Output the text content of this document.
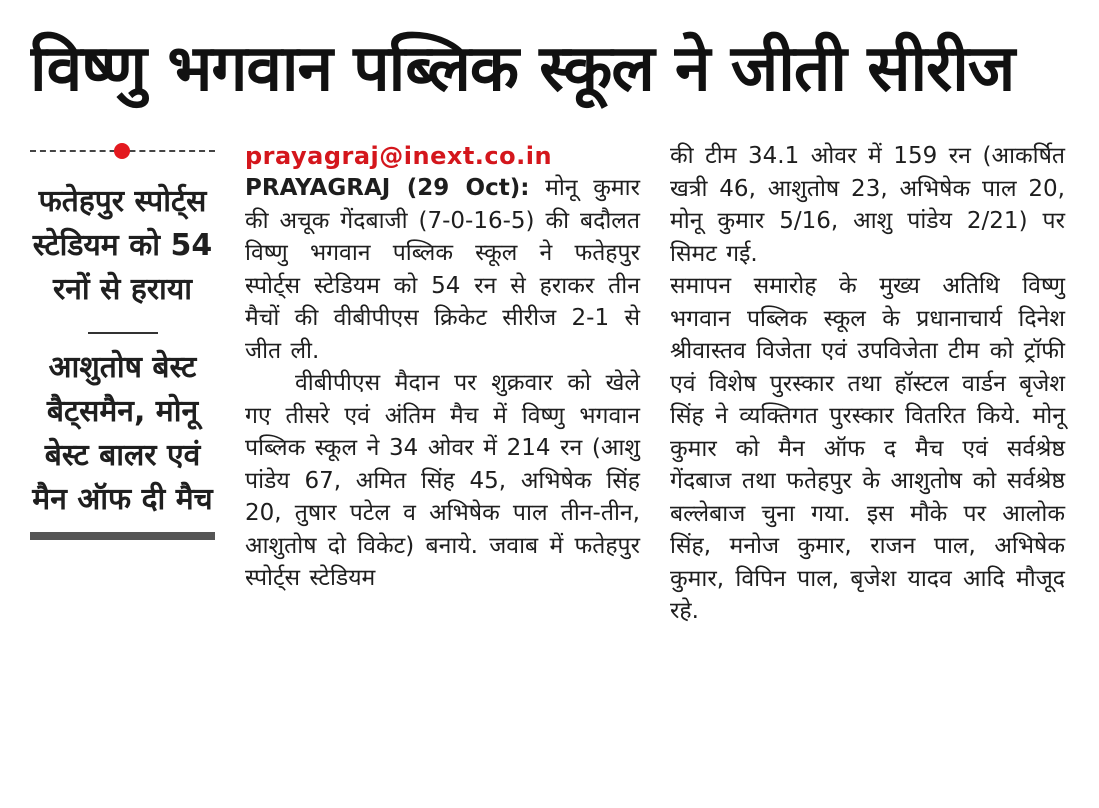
विष्णु भगवान पब्लिक स्कूल ने जीती सीरीज

फतेहपुर स्पोर्ट्स स्टेडियम को 54 रनों से हराया

आशुतोष बेस्ट बैट्समैन, मोनू बेस्ट बालर एवं मैन ऑफ दी मैच

prayagraj@inext.co.in

PRAYAGRAJ (29 Oct): मोनू कुमार की अचूक गेंदबाजी (7-0-16-5) की बदौलत विष्णु भगवान पब्लिक स्कूल ने फतेहपुर स्पोर्ट्स स्टेडियम को 54 रन से हराकर तीन मैचों की वीबीपीएस क्रिकेट सीरीज 2-1 से जीत ली.

वीबीपीएस मैदान पर शुक्रवार को खेले गए तीसरे एवं अंतिम मैच में विष्णु भगवान पब्लिक स्कूल ने 34 ओवर में 214 रन (आशु पांडेय 67, अमित सिंह 45, अभिषेक सिंह 20, तुषार पटेल व अभिषेक पाल तीन-तीन, आशुतोष दो विकेट) बनाये. जवाब में फतेहपुर स्पोर्ट्स स्टेडियम

की टीम 34.1 ओवर में 159 रन (आकर्षित खत्री 46, आशुतोष 23, अभिषेक पाल 20, मोनू कुमार 5/16, आशु पांडेय 2/21) पर सिमट गई.

समापन समारोह के मुख्य अतिथि विष्णु भगवान पब्लिक स्कूल के प्रधानाचार्य दिनेश श्रीवास्तव विजेता एवं उपविजेता टीम को ट्रॉफी एवं विशेष पुरस्कार तथा हॉस्टल वार्डन बृजेश सिंह ने व्यक्तिगत पुरस्कार वितरित किये. मोनू कुमार को मैन ऑफ द मैच एवं सर्वश्रेष्ठ गेंदबाज तथा फतेहपुर के आशुतोष को सर्वश्रेष्ठ बल्लेबाज चुना गया. इस मौके पर आलोक सिंह, मनोज कुमार, राजन पाल, अभिषेक कुमार, विपिन पाल, बृजेश यादव आदि मौजूद रहे.
